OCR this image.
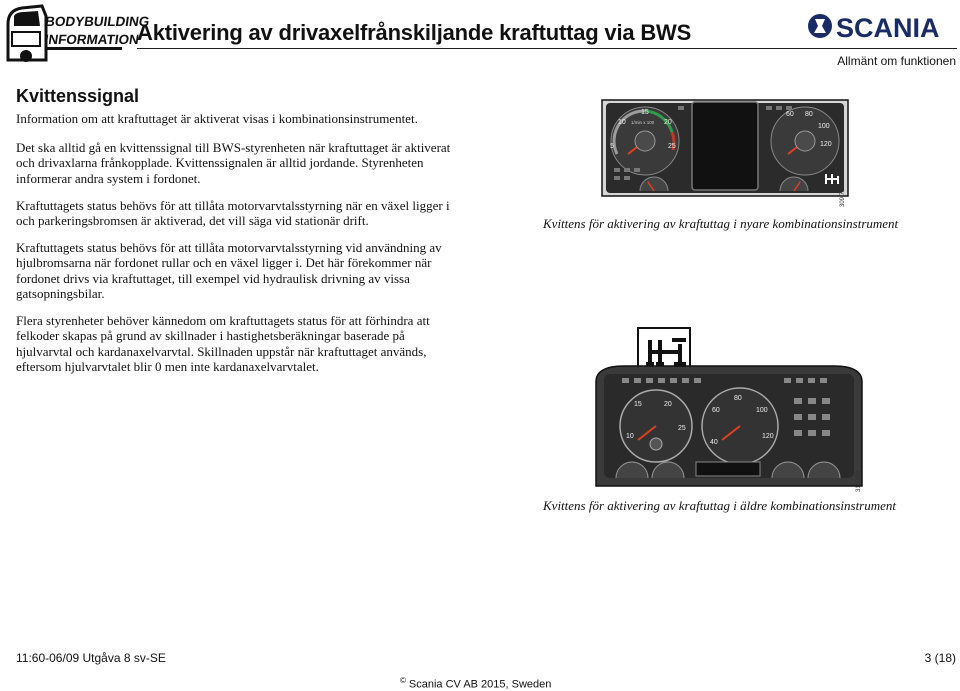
BODYBUILDING
INFORMATION
Aktivering av drivaxelfrånskiljande kraftuttag via BWS	SCANIA
Allmänt om funktionen
Kvittenssignal

Information om att kraftuttaget är aktiverat visas i kombinationsinstrumentet.

Det ska alltid gå en kvittenssignal till BWS-styrenheten när kraftuttaget är aktiverat och drivaxlarna frånkopplade. Kvittenssignalen är alltid jordande. Styrenheten informerar andra system i fordonet.

Kraftuttagets status behövs för att tillåta motorvarvtalsstyrning när en växel ligger i och parkeringsbromsen är aktiverad, det vill säga vid stationär drift.

Kraftuttagets status behövs för att tillåta motorvarvtalsstyrning vid användning av hjulbromsarna när fordonet rullar och en växel ligger i. Det här förekommer när fordonet drivs via kraftuttaget, till exempel vid hydraulisk drivning av vissa gatsopningsbilar.

Flera styrenheter behöver kännedom om kraftuttagets status för att förhindra att felkoder skapas på grund av skillnader i hastighetsberäkningar baserade på hjulvarvtal och kardanaxelvarvtal. Skillnaden uppstår när kraftuttaget används, eftersom hjulvarvtalet blir 0 men inte kardanaxelvarvtalet.

5
10
15
20
25
1/min x 100
60 80
100
120
309 722
Kvittens för aktivering av kraftuttag i nyare kombinationsinstrument
10
15	20
25
40
60
80
100
120
311 419
Kvittens för aktivering av kraftuttag i äldre kombinationsinstrument
11:60-06/09 Utgåva 8 sv-SE	3 (18)
© Scania CV AB 2015, Sweden
